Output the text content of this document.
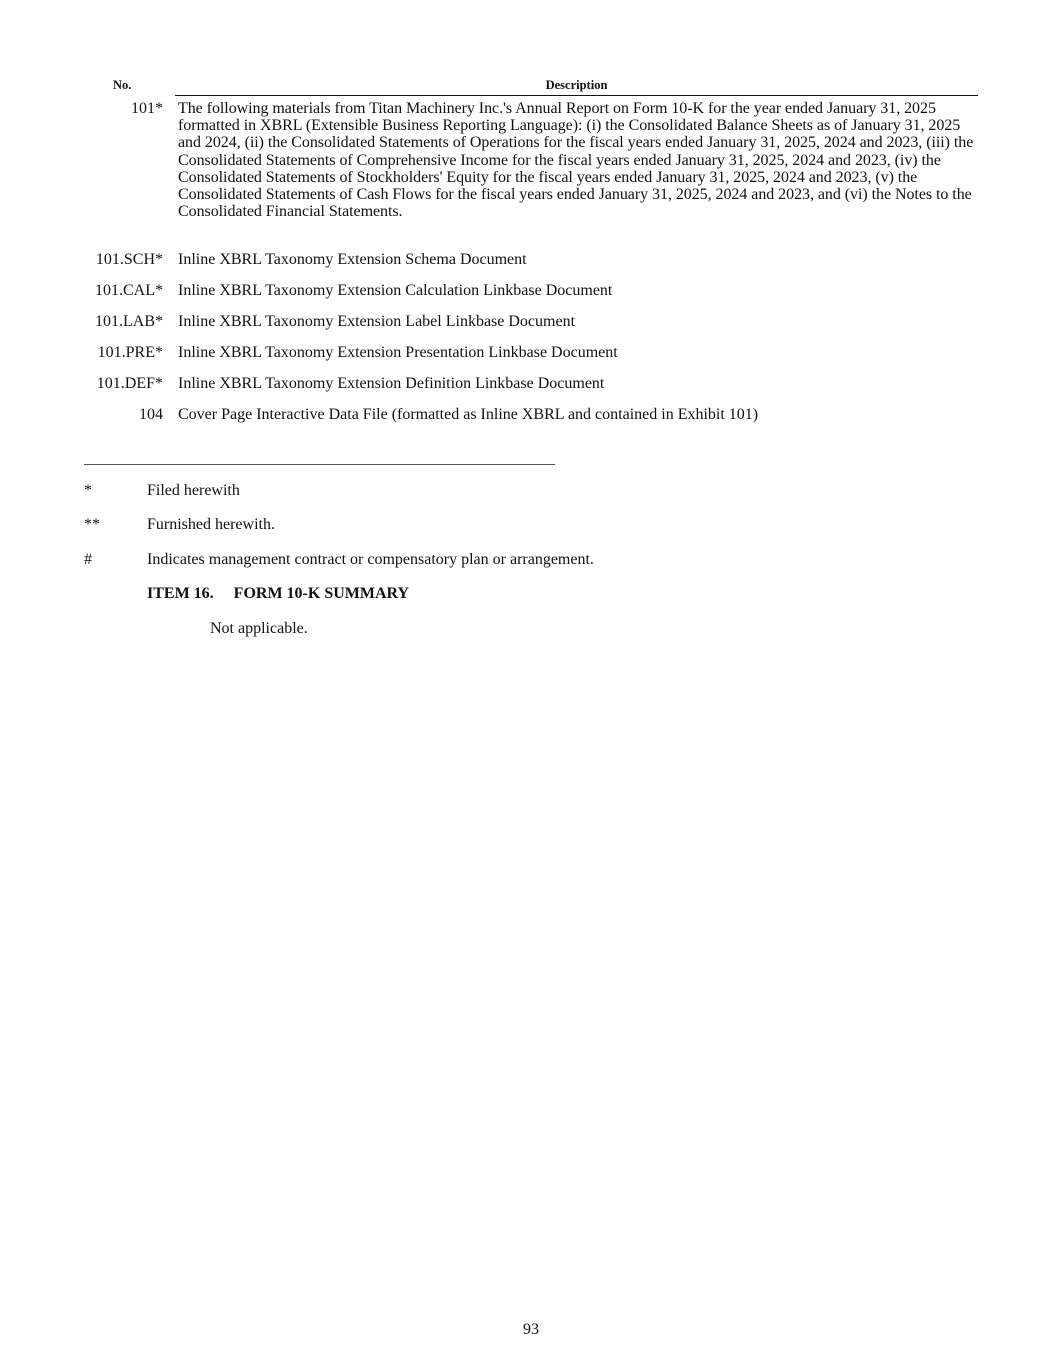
No.	Description
101* The following materials from Titan Machinery Inc.'s Annual Report on Form 10-K for the year ended January 31, 2025 formatted in XBRL (Extensible Business Reporting Language): (i) the Consolidated Balance Sheets as of January 31, 2025 and 2024, (ii) the Consolidated Statements of Operations for the fiscal years ended January 31, 2025, 2024 and 2023, (iii) the Consolidated Statements of Comprehensive Income for the fiscal years ended January 31, 2025, 2024 and 2023, (iv) the Consolidated Statements of Stockholders' Equity for the fiscal years ended January 31, 2025, 2024 and 2023, (v) the Consolidated Statements of Cash Flows for the fiscal years ended January 31, 2025, 2024 and 2023, and (vi) the Notes to the Consolidated Financial Statements.
101.SCH* Inline XBRL Taxonomy Extension Schema Document
101.CAL* Inline XBRL Taxonomy Extension Calculation Linkbase Document
101.LAB* Inline XBRL Taxonomy Extension Label Linkbase Document
101.PRE* Inline XBRL Taxonomy Extension Presentation Linkbase Document
101.DEF* Inline XBRL Taxonomy Extension Definition Linkbase Document
104 Cover Page Interactive Data File (formatted as Inline XBRL and contained in Exhibit 101)
*	Filed herewith
**	Furnished herewith.
#	Indicates management contract or compensatory plan or arrangement.
ITEM 16. FORM 10-K SUMMARY
Not applicable.
93
